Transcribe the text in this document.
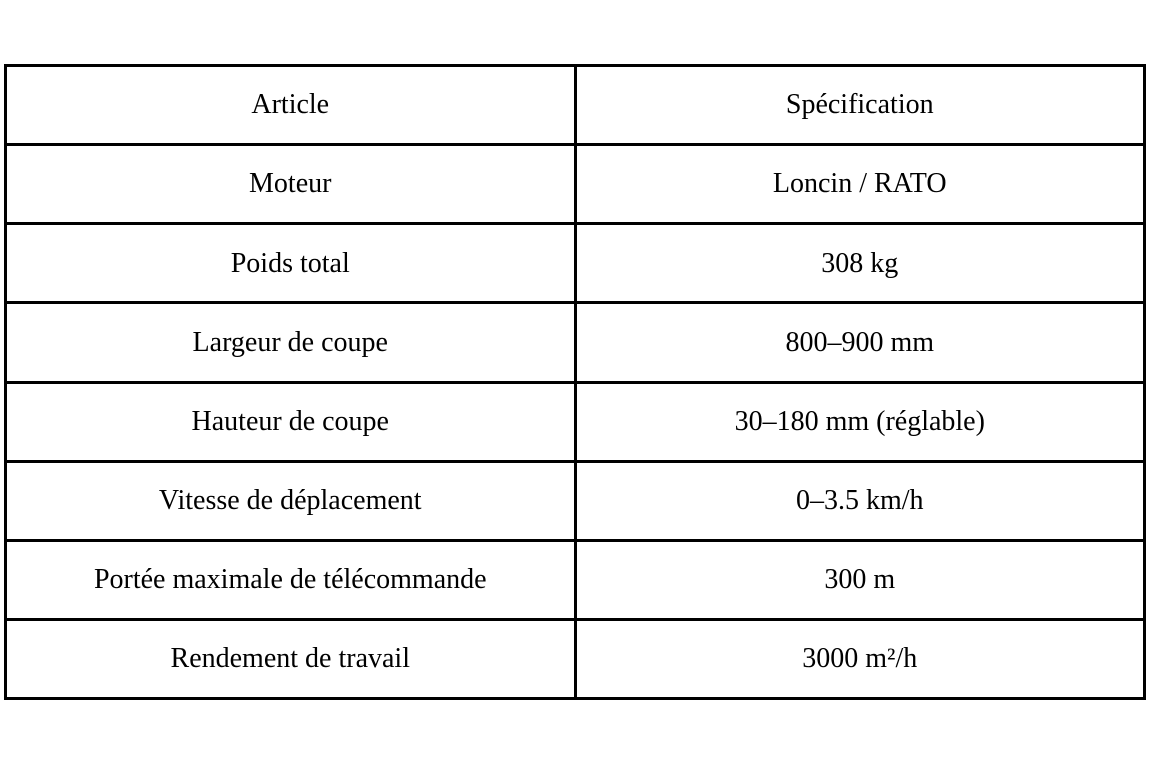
Article	Spécification
Moteur	Loncin / RATO
Poids total	308 kg
Largeur de coupe	800–900 mm
Hauteur de coupe	30–180 mm (réglable)
Vitesse de déplacement	0–3.5 km/h
Portée maximale de télécommande	300 m
Rendement de travail	3000 m²/h
